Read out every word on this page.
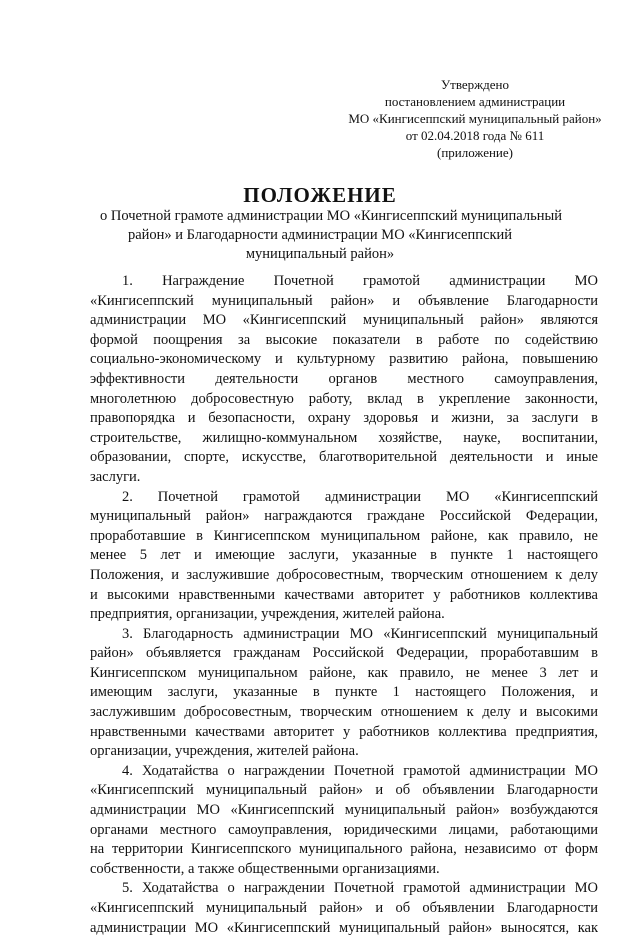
Утверждено
постановлением администрации
МО «Кингисеппский муниципальный район»
от 02.04.2018 года № 611
(приложение)
ПОЛОЖЕНИЕ
о Почетной грамоте администрации МО «Кингисеппский муниципальный
район» и Благодарности администрации МО «Кингисеппский
муниципальный район»
1. Награждение Почетной грамотой администрации МО
«Кингисеппский муниципальный район» и объявление Благодарности
администрации МО «Кингисеппский муниципальный район» являются
формой поощрения за высокие показатели в работе по содействию
социально-экономическому и культурному развитию района, повышению
эффективности деятельности органов местного самоуправления,
многолетнюю добросовестную работу, вклад в укрепление законности,
правопорядка и безопасности, охрану здоровья и жизни, за заслуги в
строительстве, жилищно-коммунальном хозяйстве, науке, воспитании,
образовании, спорте, искусстве, благотворительной деятельности и иные
заслуги.
2. Почетной грамотой администрации МО «Кингисеппский
муниципальный район» награждаются граждане Российской Федерации,
проработавшие в Кингисеппском муниципальном районе, как правило, не
менее 5 лет и имеющие заслуги, указанные в пункте 1 настоящего
Положения, и заслужившие добросовестным, творческим отношением к делу
и высокими нравственными качествами авторитет у работников коллектива
предприятия, организации, учреждения, жителей района.
3. Благодарность администрации МО «Кингисеппский муниципальный
район» объявляется гражданам Российской Федерации, проработавшим в
Кингисеппском муниципальном районе, как правило, не менее 3 лет и
имеющим заслуги, указанные в пункте 1 настоящего Положения, и
заслужившим добросовестным, творческим отношением к делу и высокими
нравственными качествами авторитет у работников коллектива предприятия,
организации, учреждения, жителей района.
4. Ходатайства о награждении Почетной грамотой администрации МО
«Кингисеппский муниципальный район» и об объявлении Благодарности
администрации МО «Кингисеппский муниципальный район» возбуждаются
органами местного самоуправления, юридическими лицами, работающими
на территории Кингисеппского муниципального района, независимо от форм
собственности, а также общественными организациями.
5. Ходатайства о награждении Почетной грамотой администрации МО
«Кингисеппский муниципальный район» и об объявлении Благодарности
администрации МО «Кингисеппский муниципальный район» выносятся, как
